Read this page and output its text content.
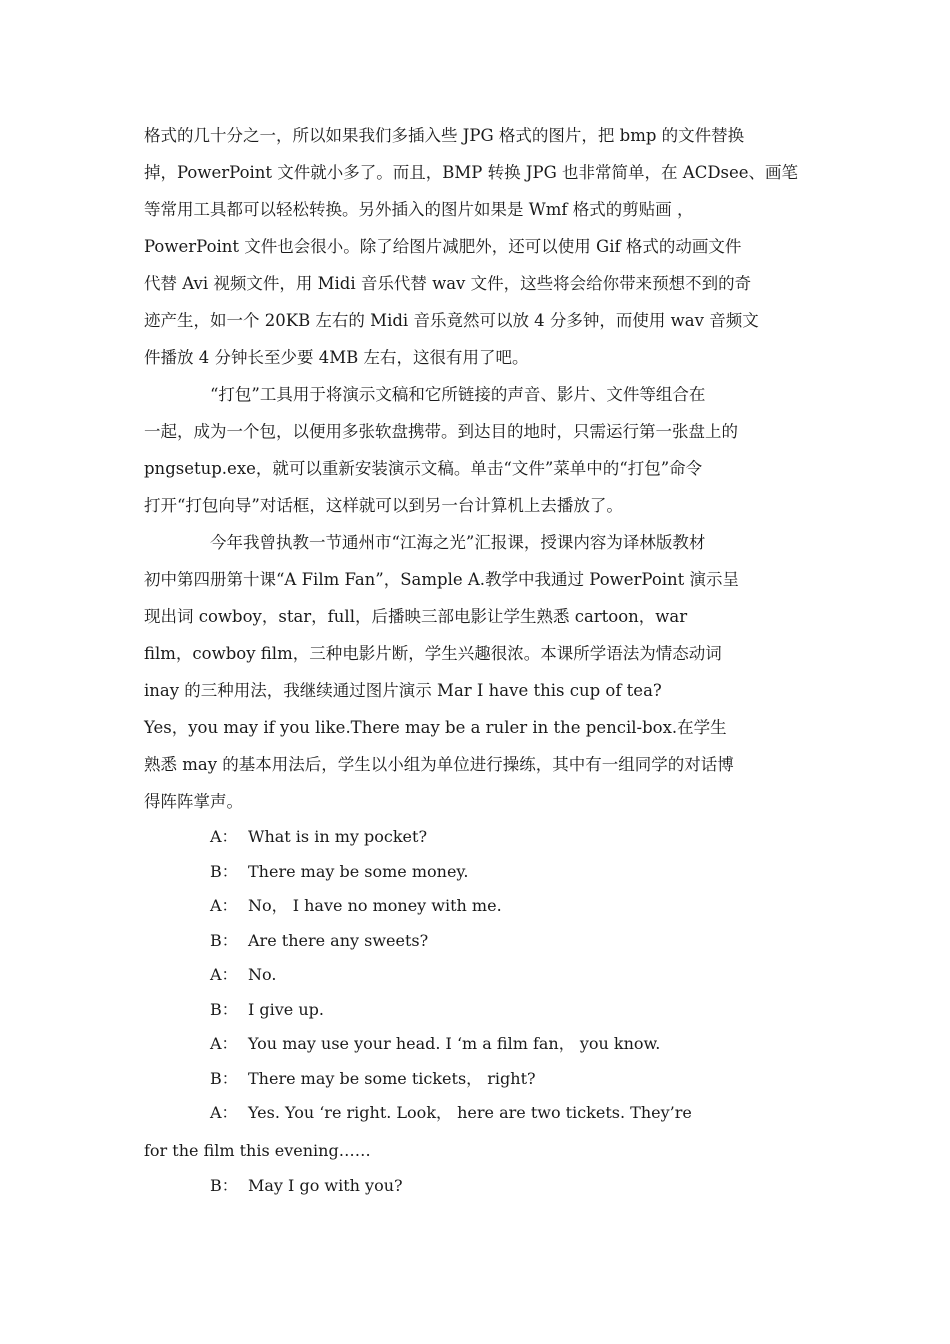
格式的几十分之一，所以如果我们多插入些 JPG 格式的图片，把 bmp 的文件替换
掉，PowerPoint 文件就小多了。而且，BMP 转换 JPG 也非常简单，在 ACDsee、画笔
等常用工具都可以轻松转换。另外插入的图片如果是 Wmf 格式的剪贴画 ，
PowerPoint 文件也会很小。除了给图片减肥外，还可以使用 Gif 格式的动画文件
代替 Avi 视频文件，用 Midi 音乐代替 wav 文件，这些将会给你带来预想不到的奇
迹产生，如一个 20KB 左右的 Midi 音乐竟然可以放 4 分多钟，而使用 wav 音频文
件播放 4 分钟长至少要 4MB 左右，这很有用了吧。
“打包”工具用于将演示文稿和它所链接的声音、影片、文件等组合在
一起，成为一个包，以便用多张软盘携带。到达目的地时，只需运行第一张盘上的
pngsetup.exe，就可以重新安装演示文稿。单击“文件”菜单中的“打包”命令
打开“打包向导”对话框，这样就可以到另一台计算机上去播放了。
今年我曾执教一节通州市“江海之光”汇报课，授课内容为译林版教材
初中第四册第十课“A Film Fan”，Sample A.教学中我通过 PowerPoint 演示呈
现出词 cowboy，star，full，后播映三部电影让学生熟悉 cartoon，war
film，cowboy film，三种电影片断，学生兴趣很浓。本课所学语法为情态动词
inay 的三种用法，我继续通过图片演示 Mar I have this cup of tea?
Yes，you may if you like.There may be a ruler in the pencil-box.在学生
熟悉 may 的基本用法后，学生以小组为单位进行操练，其中有一组同学的对话博
得阵阵掌声。
A： What is in my pocket?
B： There may be some money.
A： No， I have no money with me.
B： Are there any sweets?
A： No.
B： I give up.
A： You may use your head. I ‘m a film fan， you know.
B： There may be some tickets， right?
A： Yes. You ‘re right. Look， here are two tickets. They’re
for the film this evening……
B： May I go with you?
